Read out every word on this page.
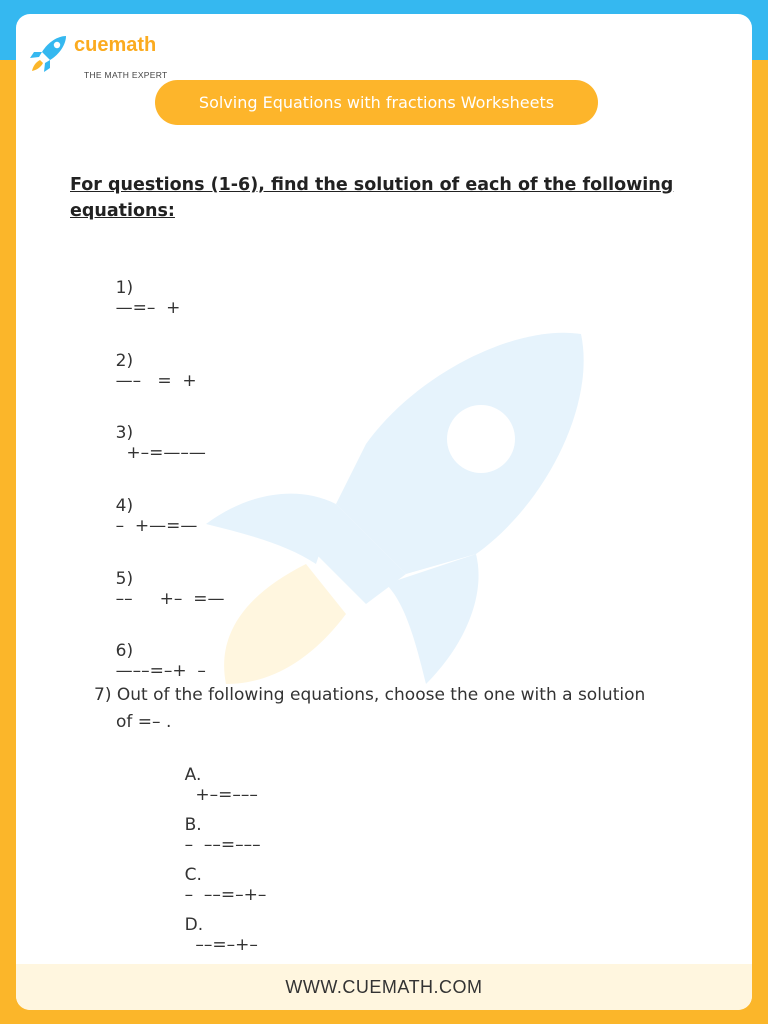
cuemath
THE MATH EXPERT
Solving Equations with fractions Worksheets
For questions (1-6), find the solution of each of the following equations:

1)
—=–  +

2)
—–   =  +

3)
+–=—–—

4)
–  +—=—

5)
––     +–  =—

6)
—––=–+  –

7) Out of the following equations, choose the one with a solution
of =– .

A.
+–=–––

B.
–  ––=–––

C.
–  ––=–+–

D.
––=–+–

WWW.CUEMATH.COM
